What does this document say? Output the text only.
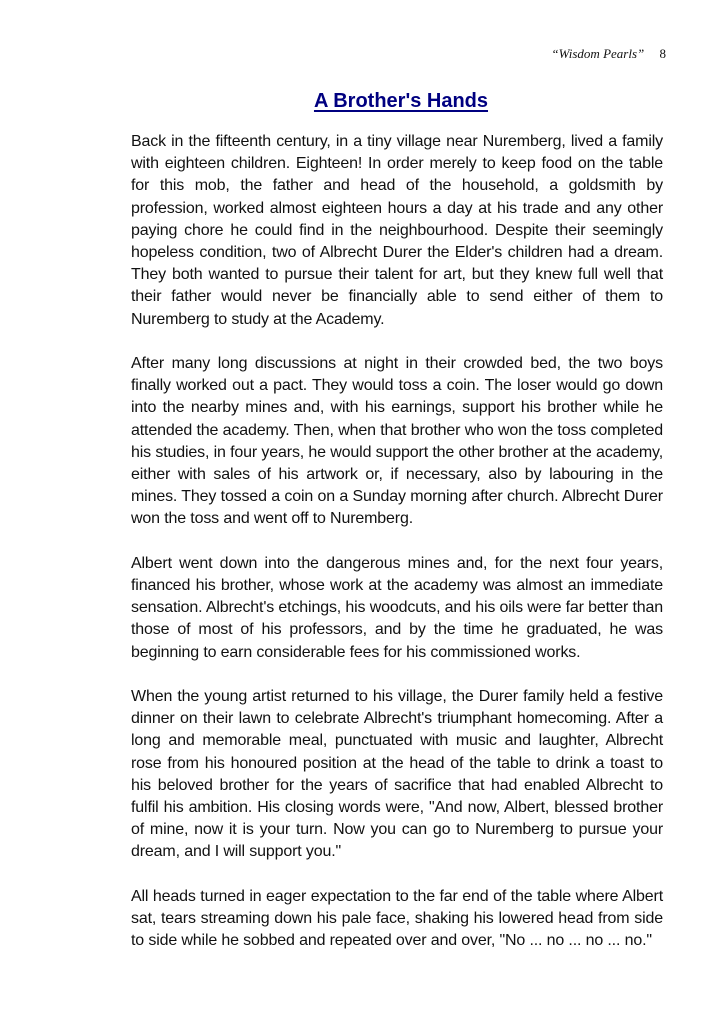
“Wisdom Pearls” 8
A Brother's Hands

Back in the fifteenth century, in a tiny village near Nuremberg, lived a family with eighteen children. Eighteen! In order merely to keep food on the table for this mob, the father and head of the household, a goldsmith by profession, worked almost eighteen hours a day at his trade and any other paying chore he could find in the neighbourhood. Despite their seemingly hopeless condition, two of Albrecht Durer the Elder's children had a dream. They both wanted to pursue their talent for art, but they knew full well that their father would never be financially able to send either of them to Nuremberg to study at the Academy.

After many long discussions at night in their crowded bed, the two boys finally worked out a pact. They would toss a coin. The loser would go down into the nearby mines and, with his earnings, support his brother while he attended the academy. Then, when that brother who won the toss completed his studies, in four years, he would support the other brother at the academy, either with sales of his artwork or, if necessary, also by labouring in the mines. They tossed a coin on a Sunday morning after church. Albrecht Durer won the toss and went off to Nuremberg.

Albert went down into the dangerous mines and, for the next four years, financed his brother, whose work at the academy was almost an immediate sensation. Albrecht's etchings, his woodcuts, and his oils were far better than those of most of his professors, and by the time he graduated, he was beginning to earn considerable fees for his commissioned works.

When the young artist returned to his village, the Durer family held a festive dinner on their lawn to celebrate Albrecht's triumphant homecoming. After a long and memorable meal, punctuated with music and laughter, Albrecht rose from his honoured position at the head of the table to drink a toast to his beloved brother for the years of sacrifice that had enabled Albrecht to fulfil his ambition. His closing words were, "And now, Albert, blessed brother of mine, now it is your turn. Now you can go to Nuremberg to pursue your dream, and I will support you."

All heads turned in eager expectation to the far end of the table where Albert sat, tears streaming down his pale face, shaking his lowered head from side to side while he sobbed and repeated over and over, "No ... no ... no ... no."
